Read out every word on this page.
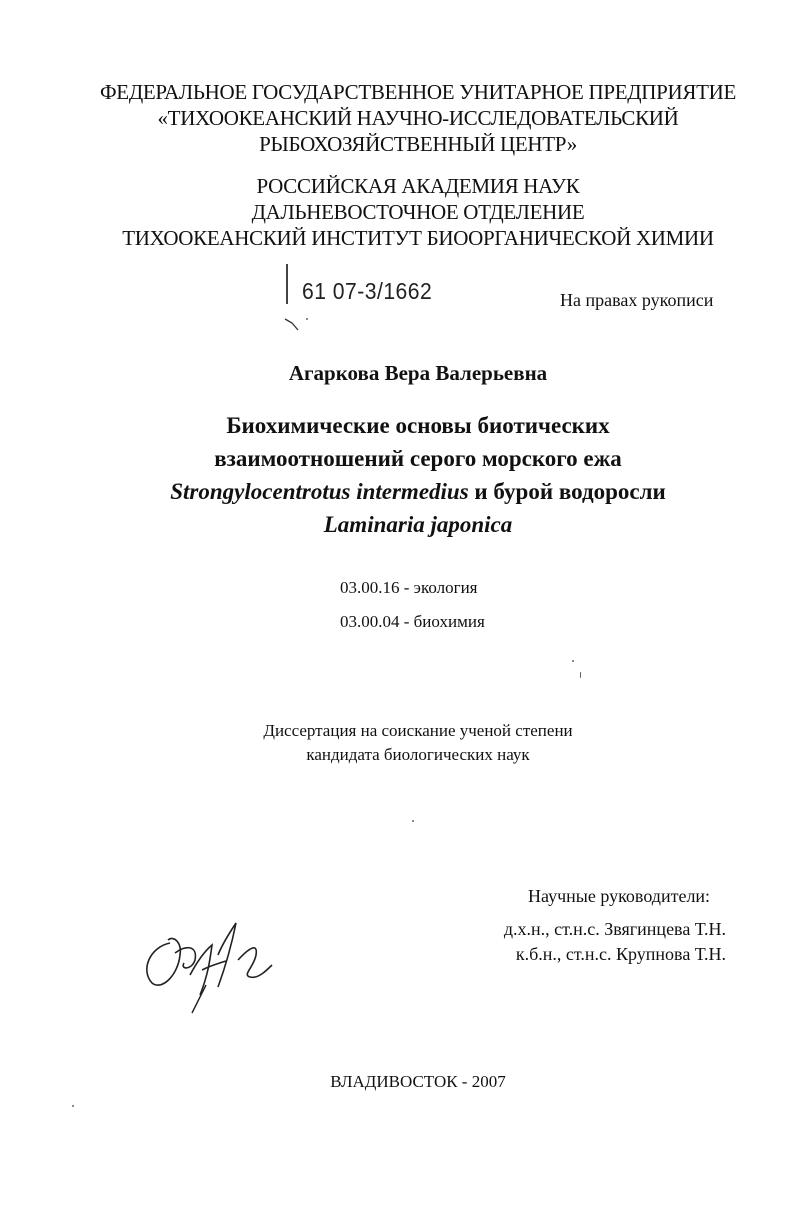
ФЕДЕРАЛЬНОЕ ГОСУДАРСТВЕННОЕ УНИТАРНОЕ ПРЕДПРИЯТИЕ
«ТИХООКЕАНСКИЙ НАУЧНО-ИССЛЕДОВАТЕЛЬСКИЙ
РЫБОХОЗЯЙСТВЕННЫЙ ЦЕНТР»
РОССИЙСКАЯ АКАДЕМИЯ НАУК
ДАЛЬНЕВОСТОЧНОЕ ОТДЕЛЕНИЕ
ТИХООКЕАНСКИЙ ИНСТИТУТ БИООРГАНИЧЕСКОЙ ХИМИИ
61 07-3/1662	На правах рукописи
Агаркова Вера Валерьевна
Биохимические основы биотических
взаимоотношений серого морского ежа
Strongylocentrotus intermedius и бурой водоросли
Laminaria japonica
03.00.16 - экология
03.00.04 - биохимия
Диссертация на соискание ученой степени
кандидата биологических наук
Научные руководители:
д.х.н., ст.н.с. Звягинцева Т.Н.
к.б.н., ст.н.с. Крупнова Т.Н.
ВЛАДИВОСТОК - 2007
